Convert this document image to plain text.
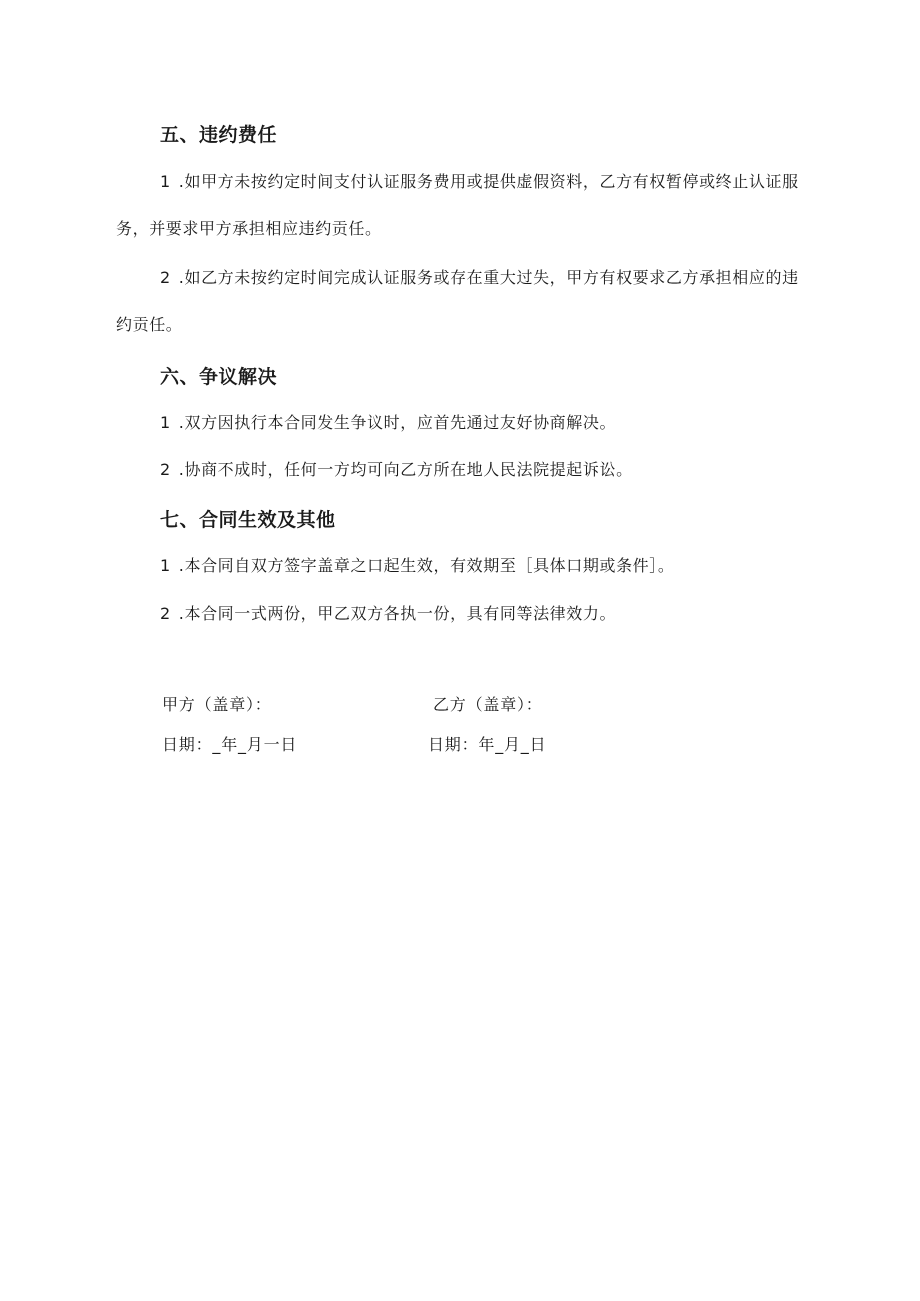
五、违约费任
1 .如甲方未按约定时间支付认证服务费用或提供虚假资料，乙方有权暂停或终止认证服务，并要求甲方承担相应违约贡任。
2 .如乙方未按约定时间完成认证服务或存在重大过失，甲方有权要求乙方承担相应的违约贡任。
六、争议解决
1 .双方因执行本合同发生争议时，应首先通过友好协商解决。
2 .协商不成时，任何一方均可向乙方所在地人民法院提起诉讼。
七、合同生效及其他
1 .本合同自双方签字盖章之口起生效，有效期至［具体口期或条件］。
2 .本合同一式两份，甲乙双方各执一份，具有同等法律效力。
甲方（盖章）：	乙方（盖章）：
日期：_年_月一日	日期：年_月_日
